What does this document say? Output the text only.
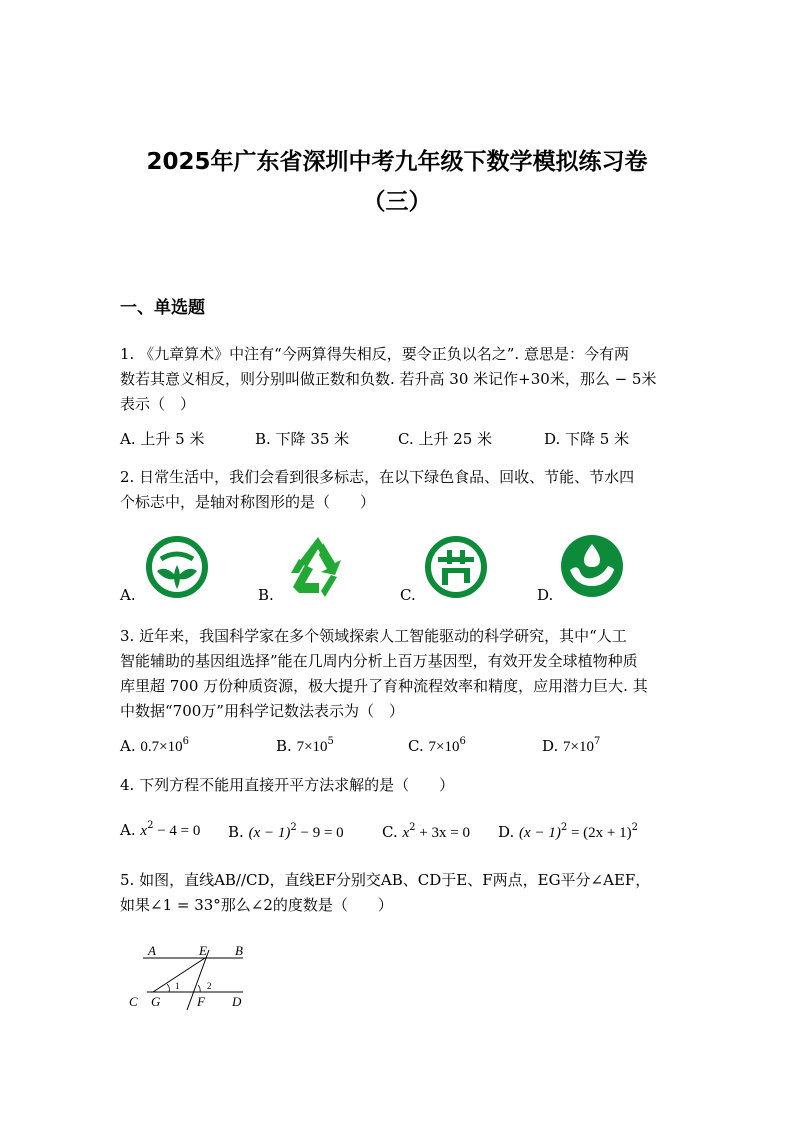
2025年广东省深圳中考九年级下数学模拟练习卷
（三）
一、单选题
1. 《九章算术》中注有“今两算得失相反，要令正负以名之”. 意思是：今有两
数若其意义相反，则分别叫做正数和负数. 若升高 30 米记作+30米，那么 − 5米
表示（　）
A. 上升 5 米	B. 下降 35 米	C. 上升 25 米	D. 下降 5 米
2. 日常生活中，我们会看到很多标志，在以下绿色食品、回收、节能、节水四
个标志中，是轴对称图形的是（　　）
A.	B.	C.	D.
3. 近年来，我国科学家在多个领域探索人工智能驱动的科学研究，其中“人工
智能辅助的基因组选择”能在几周内分析上百万基因型，有效开发全球植物种质
库里超 700 万份种质资源，极大提升了育种流程效率和精度，应用潜力巨大. 其
中数据“700万”用科学记数法表示为（　）
A. $0.7\times 10^6$	B. $7\times 10^5$	C. $7\times 10^6$	D. $7\times 10^7$
4. 下列方程不能用直接开平方法求解的是（　　）
A. $x^2 - 4 = 0$ B. $(x - 1)^2 - 9 = 0$	C. $x^2 + 3x = 0$ D. $(x - 1)^2 = (2x + 1)^2$
5. 如图，直线AB//CD，直线EF分别交AB、CD于E、F两点，EG平分∠AEF，
如果∠1 = 33°那么∠2的度数是（　　）
A	E B
C G	F D
1	2
